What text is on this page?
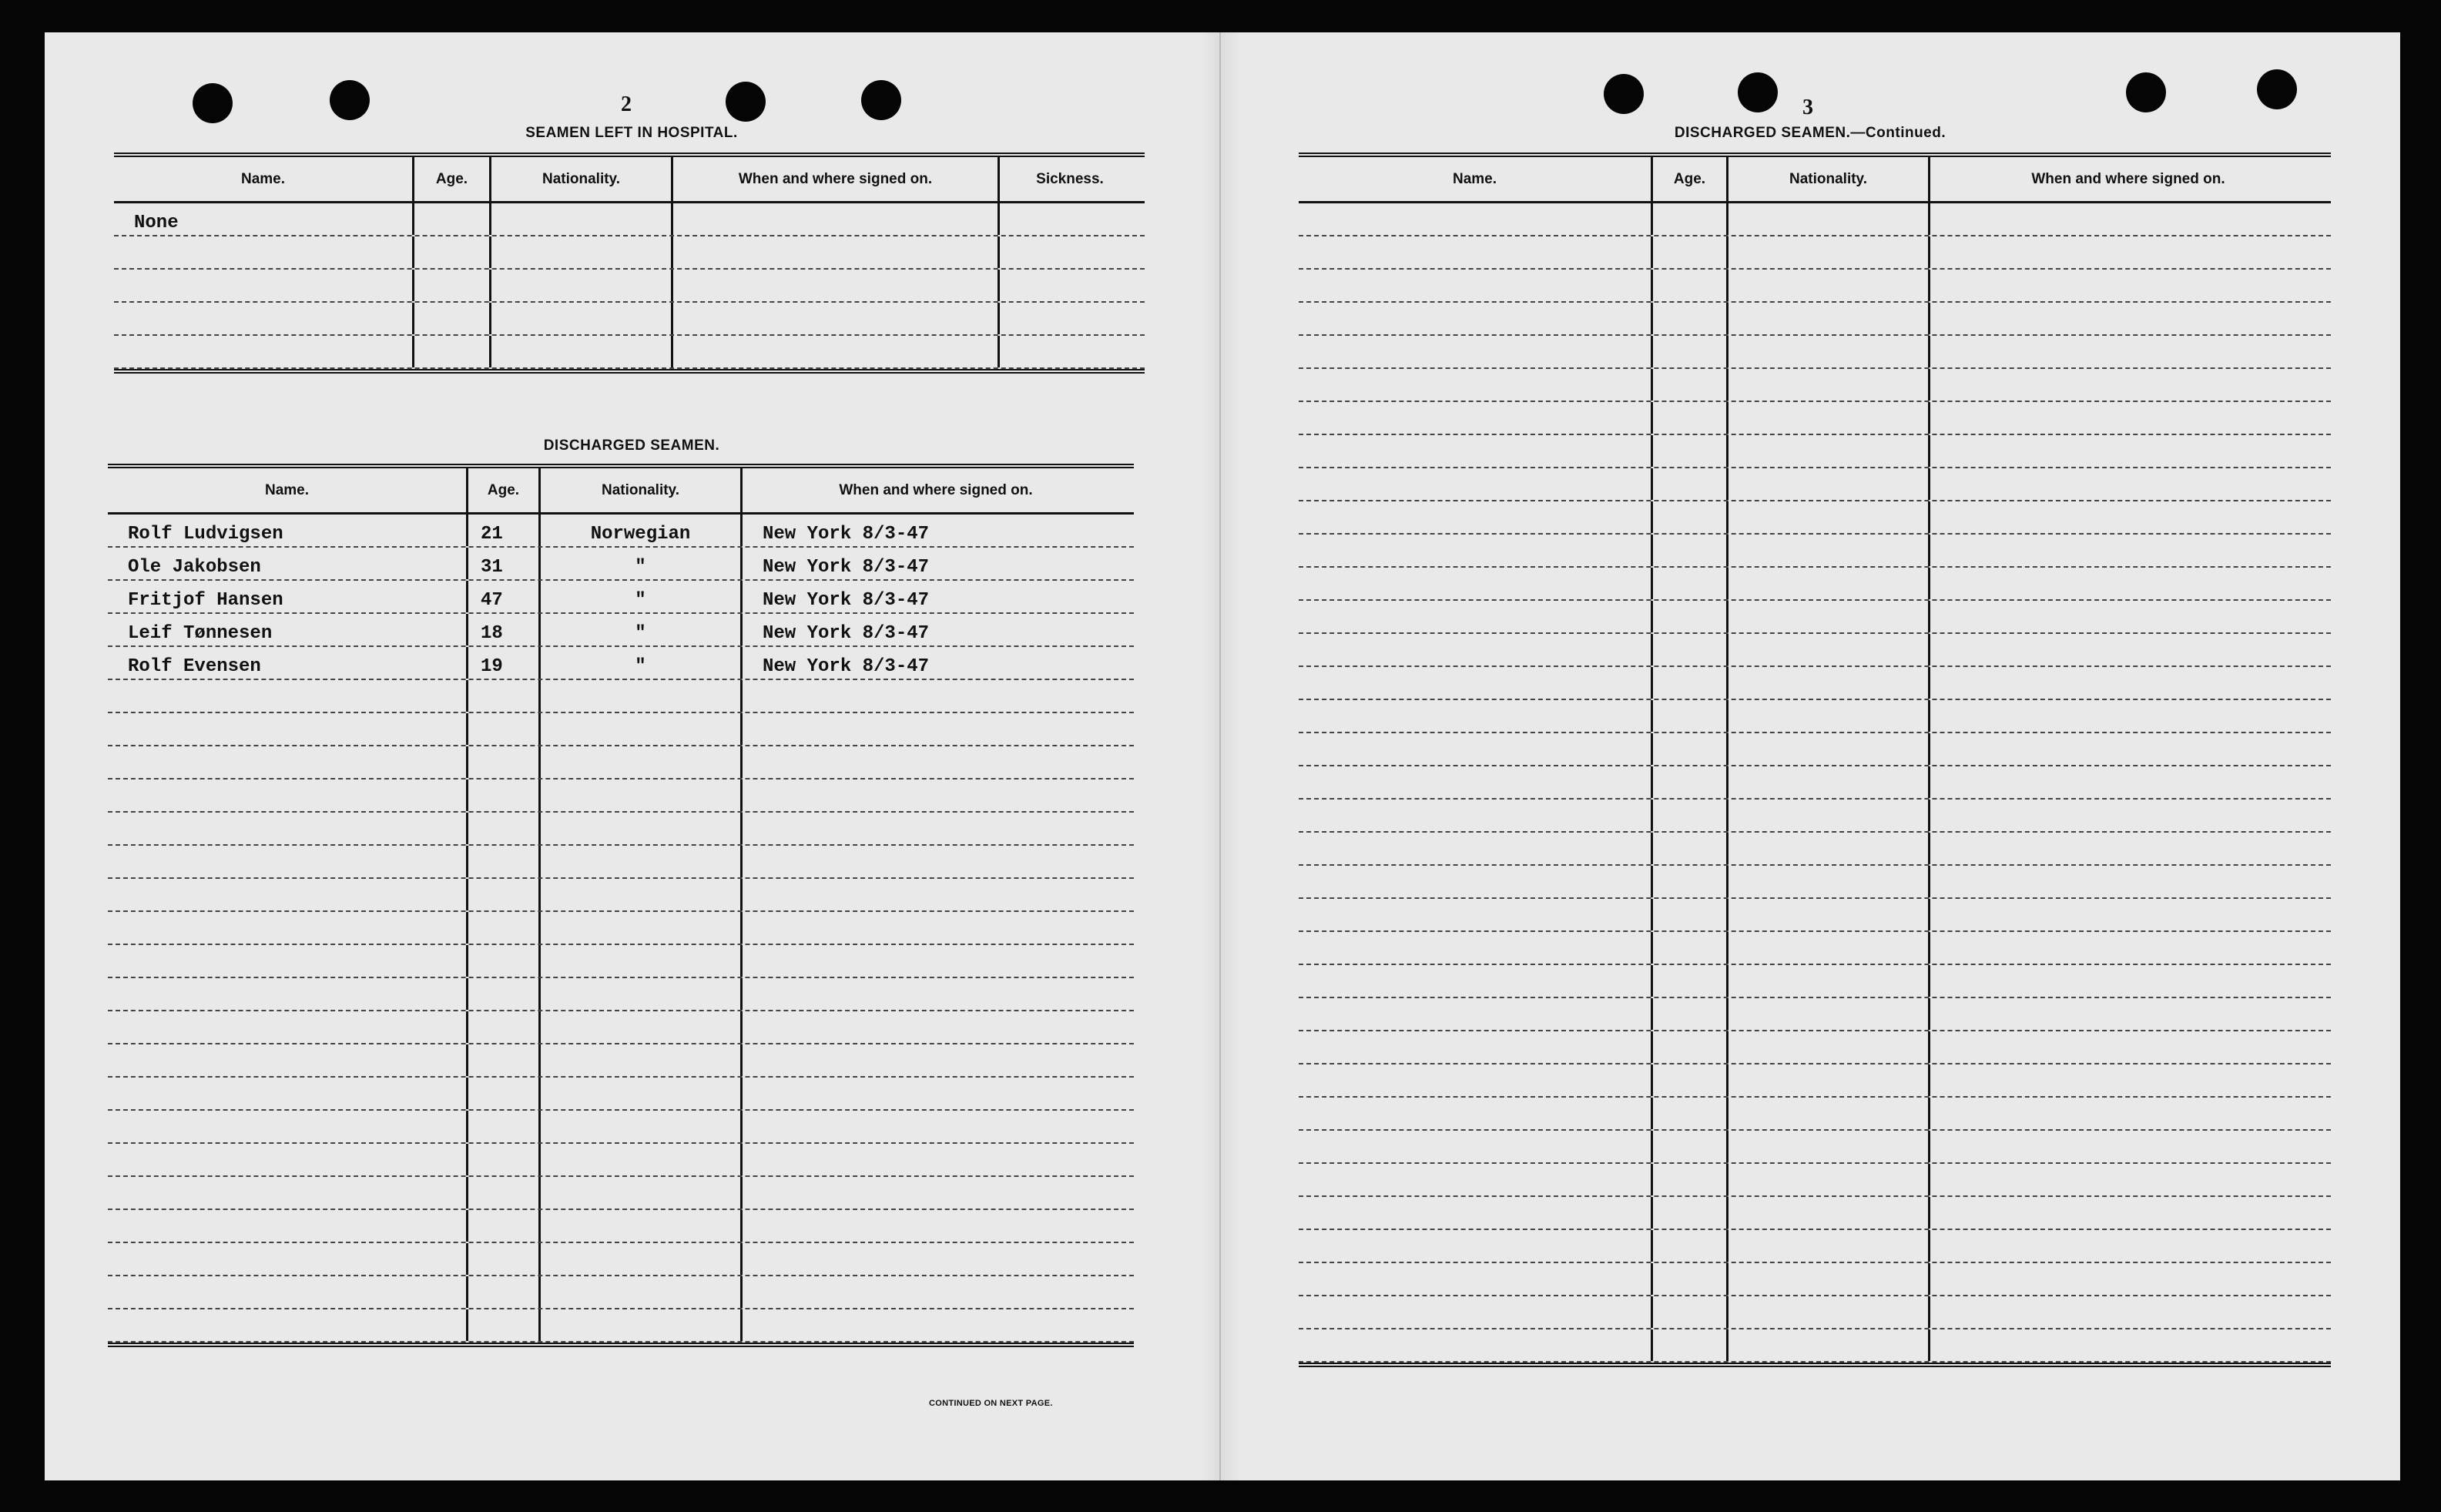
2
SEAMEN LEFT IN HOSPITAL.
Name.	Age.	Nationality.	When and where signed on.	Sickness.
None
DISCHARGED SEAMEN.
Name.	Age.	Nationality.	When and where signed on.
Rolf Ludvigsen	21	Norwegian	New York 8/3-47
Ole Jakobsen	31	"	New York 8/3-47
Fritjof Hansen	47	"	New York 8/3-47
Leif Tønnesen	18	"	New York 8/3-47
Rolf Evensen	19	"	New York 8/3-47
CONTINUED ON NEXT PAGE.
3
DISCHARGED SEAMEN.—Continued.
Name.	Age.	Nationality.	When and where signed on.
